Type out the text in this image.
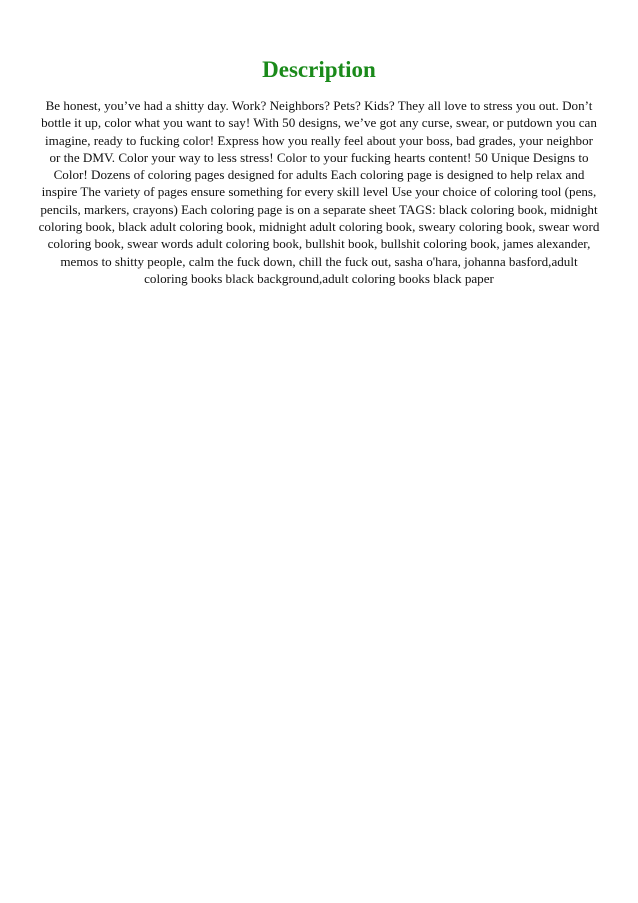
Description

Be honest, you’ve had a shitty day. Work? Neighbors? Pets? Kids? They all love to stress you out. Don’t bottle it up, color what you want to say! With 50 designs, we’ve got any curse, swear, or putdown you can imagine, ready to fucking color! Express how you really feel about your boss, bad grades, your neighbor or the DMV. Color your way to less stress! Color to your fucking hearts content! 50 Unique Designs to Color! Dozens of coloring pages designed for adults Each coloring page is designed to help relax and inspire The variety of pages ensure something for every skill level Use your choice of coloring tool (pens, pencils, markers, crayons) Each coloring page is on a separate sheet TAGS: black coloring book, midnight coloring book, black adult coloring book, midnight adult coloring book, sweary coloring book, swear word coloring book, swear words adult coloring book, bullshit book, bullshit coloring book, james alexander, memos to shitty people, calm the fuck down, chill the fuck out, sasha o'hara, johanna basford,adult coloring books black background,adult coloring books black paper
